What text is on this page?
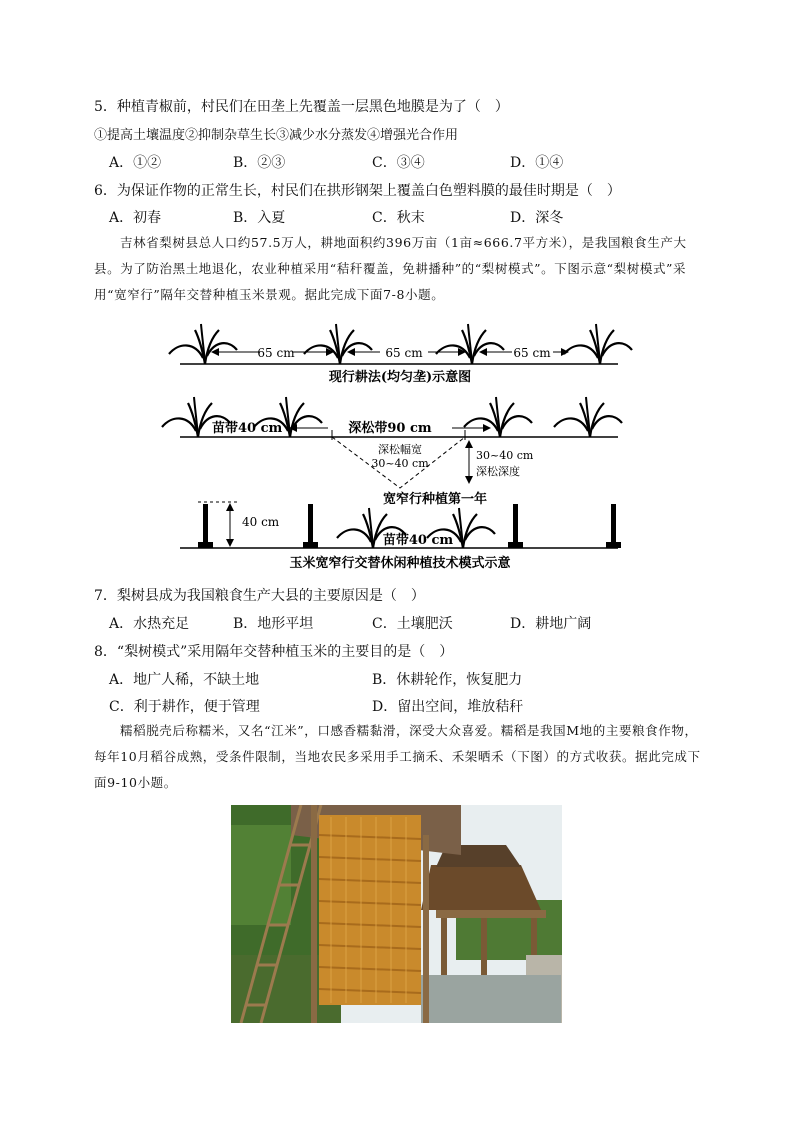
5．种植青椒前，村民们在田垄上先覆盖一层黑色地膜是为了（　）
①提高土壤温度②抑制杂草生长③减少水分蒸发④增强光合作用
A．①②	B．②③	C．③④	D．①④
6．为保证作物的正常生长，村民们在拱形钢架上覆盖白色塑料膜的最佳时期是（　）
A．初春	B．入夏	C．秋末	D．深冬
吉林省梨树县总人口约57.5万人，耕地面积约396万亩（1亩≈666.7平方米），是我国粮食生产大县。为了防治黑土地退化，农业种植采用“秸秆覆盖，免耕播种”的“梨树模式”。下图示意“梨树模式”采用“宽窄行”隔年交替种植玉米景观。据此完成下面7-8小题。
65 cm	65 cm	65 cm
现行耕法(均匀垄)示意图
苗带40 cm	深松带90 cm
深松幅宽
30~40 cm
30~40 cm
深松深度
宽窄行种植第一年
40 cm
苗带40 cm
玉米宽窄行交替休闲种植技术模式示意
7．梨树县成为我国粮食生产大县的主要原因是（　）
A．水热充足	B．地形平坦	C．土壤肥沃	D．耕地广阔
8．“梨树模式”采用隔年交替种植玉米的主要目的是（　）
A．地广人稀，不缺土地	B．休耕轮作，恢复肥力
C．利于耕作，便于管理	D．留出空间，堆放秸秆
糯稻脱壳后称糯米，又名“江米”，口感香糯黏滑，深受大众喜爱。糯稻是我国M地的主要粮食作物，每年10月稻谷成熟，受条件限制，当地农民多采用手工摘禾、禾架晒禾（下图）的方式收获。据此完成下面9-10小题。
